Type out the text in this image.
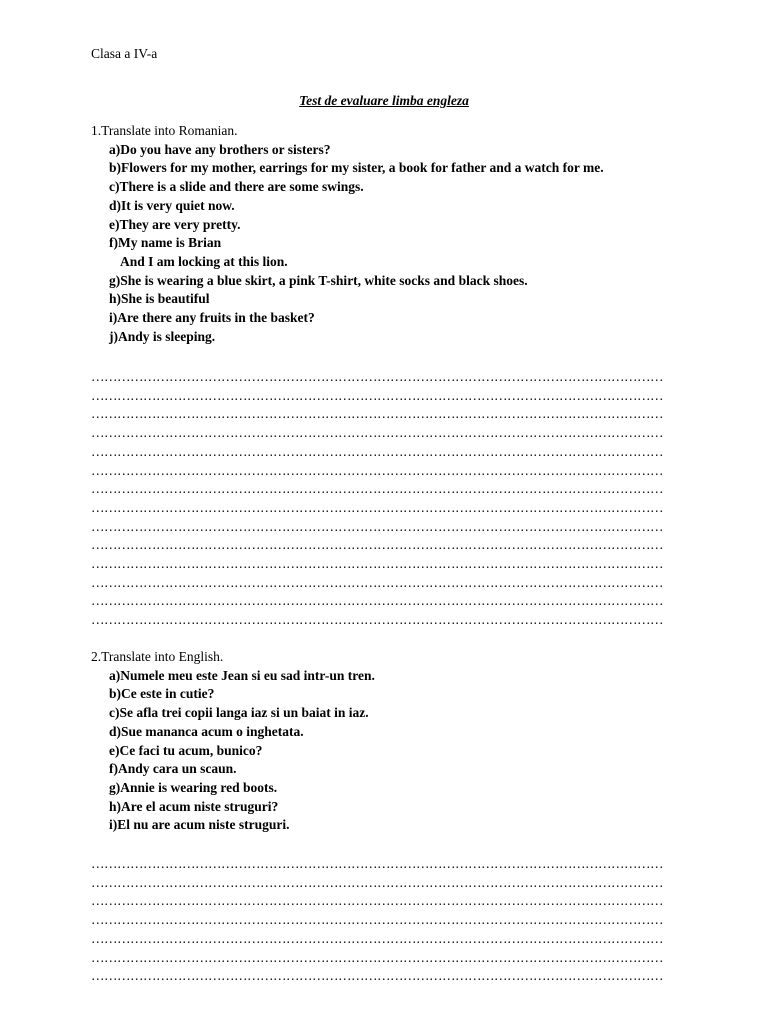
Clasa a IV-a
Test de evaluare limba engleza
1.Translate into Romanian.
a)Do you have any brothers or sisters?
b)Flowers for my mother, earrings for my sister, a book for father and a watch for me.
c)There is a slide and there are some swings.
d)It is very quiet now.
e)They are very pretty.
f)My name is Brian
And I am locking at this lion.
g)She is wearing a blue skirt, a pink T-shirt, white socks and black shoes.
h)She is beautiful
i)Are there any fruits in the basket?
j)Andy is sleeping.
……………………………………………………………………………………………………………………
……………………………………………………………………………………………………………………
……………………………………………………………………………………………………………………
……………………………………………………………………………………………………………………
……………………………………………………………………………………………………………………
……………………………………………………………………………………………………………………
……………………………………………………………………………………………………………………
……………………………………………………………………………………………………………………
……………………………………………………………………………………………………………………
……………………………………………………………………………………………………………………
……………………………………………………………………………………………………………………
……………………………………………………………………………………………………………………
……………………………………………………………………………………………………………………
……………………………………………………………………………………………………………………
2.Translate into English.
a)Numele meu este Jean si eu sad intr-un tren.
b)Ce este in cutie?
c)Se afla trei copii langa iaz si un baiat in iaz.
d)Sue mananca acum o inghetata.
e)Ce faci tu acum, bunico?
f)Andy cara un scaun.
g)Annie is wearing red boots.
h)Are el acum niste struguri?
i)El nu are acum niste struguri.
……………………………………………………………………………………………………………………
……………………………………………………………………………………………………………………
……………………………………………………………………………………………………………………
……………………………………………………………………………………………………………………
……………………………………………………………………………………………………………………
……………………………………………………………………………………………………………………
……………………………………………………………………………………………………………………
